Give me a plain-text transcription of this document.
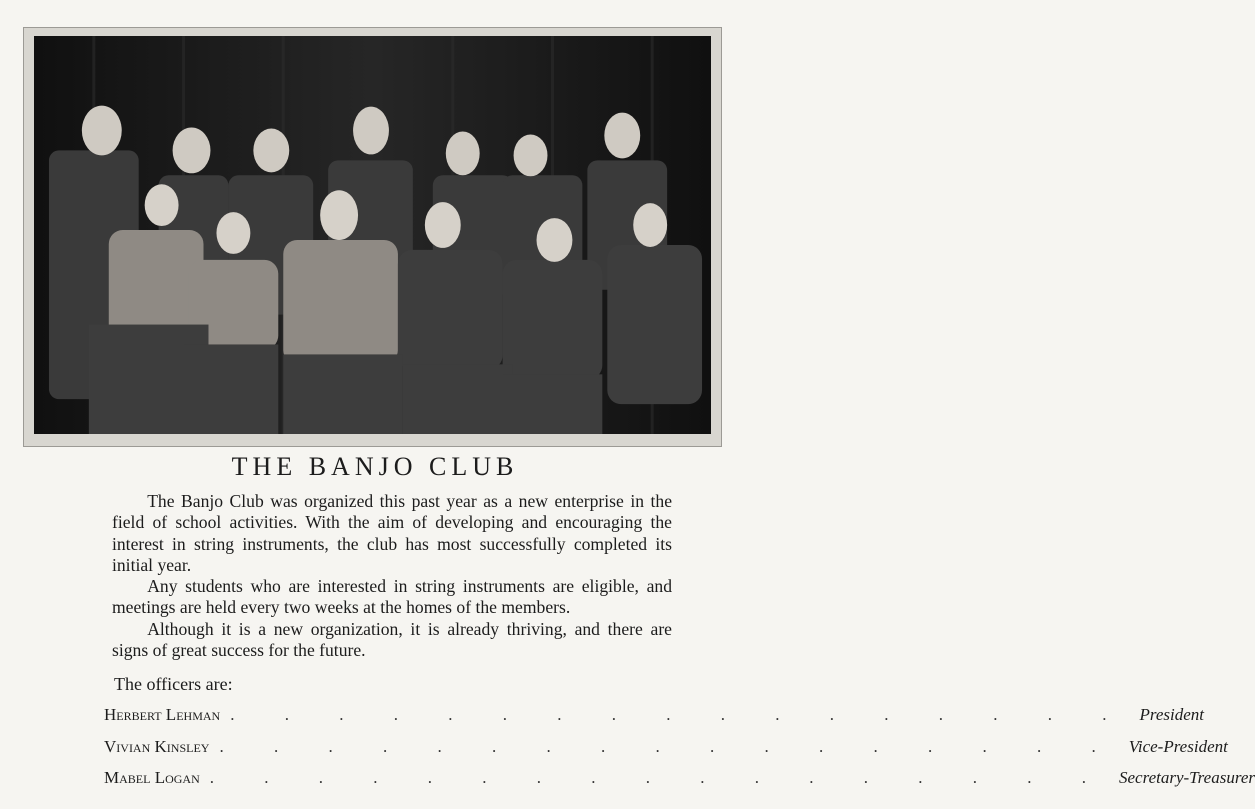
THE BANJO CLUB

  The Banjo Club was organized this past year as a new enterprise in the field of school activities. With the aim of developing and encouraging the interest in string instruments, the club has most successfully completed its initial year.

  Any students who are interested in string instruments are eligible, and meetings are held every two weeks at the homes of the members.

  Although it is a new organization, it is already thriving, and there are signs of great success for the future.

The officers are:

Herbert Lehman . . . . . . . . . . . . . . . . . President
Vivian Kinsley . . . . . . . . . . . . . . . . . Vice-President
Mabel Logan . . . . . . . . . . . . . . . . . Secretary-Treasurer
